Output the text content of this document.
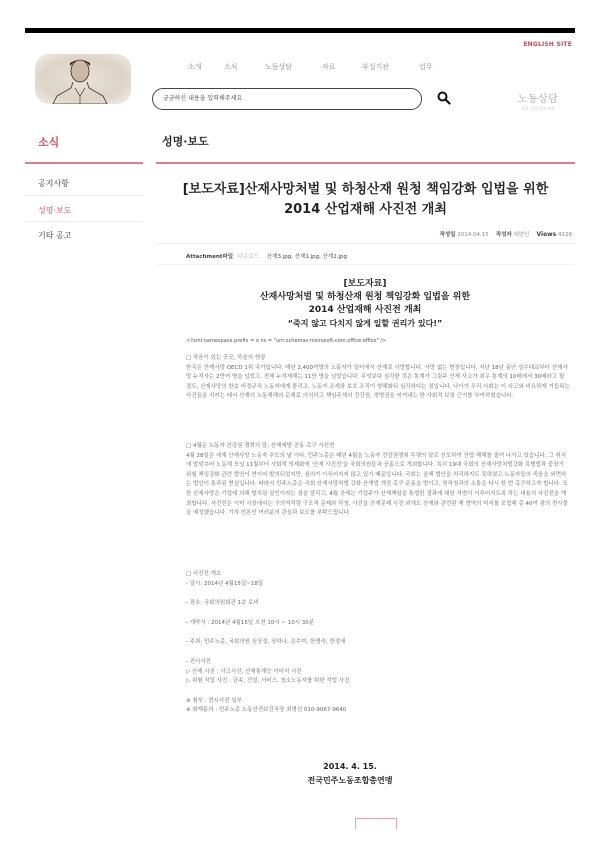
ENGLISH SITE
소개	소식	노동상담	자료	부설기관	업무
궁금하신 내용을 입력해주세요	노동상담
무료 상담 받으세요
소식
공지사항
성명·보도
기타 공고
성명·보도
[보도자료]산재사망처벌 및 하청산재 원청 책임강화 입법을 위한
2014 산업재해 사진전 개최
작성일 2014.04.15 작성자 대변인 Views 4228
Attachment파일 다운로드 산재3.jpg, 산재1.jpg, 산재2.jpg
[보도자료]
산재사망처벌 및 하청산재 원청 책임강화 입법을 위한
2014 산업재해 사진전 개최
“죽지 않고 다치지 않게 일할 권리가 있다!”
<?xml:namespace prefix = o ns = "urn:schemas-microsoft-com:office:office" />

□ 죽음이 있는 곳곳, 죽음의 현장

한국은 산재사망 OECD 1위 국가입니다. 매년 2,400여명의 노동자가 일터에서 산재로 사망합니다. 사망 없는 현장입니다. 지난 18년 동안 성수대교부터 산재사망 누적사는 2만여 명을 넘었고, 전체 누적재해는 11만 명을 넘었습니다. 무엇보다 심각한 것은 통계가 그림주 산재 사고가 최우 통계의 10배에서 30배라고 될 정도, 산재사망의 한층 비정규직 노동자에게 몰리고, 노동자 조세와 보호 조직이 형해화되 심각하다는 점입니다. 나아가 우리 사회는 이 사고와 비유하게 거듭되는 사건들을 지키는 데서 산재의 노동재해의 문제로 의식하고 책임주체의 건강권, 생명권을 지켜내는 한 사회적 보장 근거를 부여하였습니다.

□ 4월은 노동자 건강권 쟁취의 달, 산재예방 공동 촉구 사진전

4월 28일은 세계 산재사망 노동자 추모의 날 이다. 민주노총은 매년 4월을 노동자 건강권쟁취 투쟁의 달로 선포하여 산업 재해를 줄여 나가고 있습니다. 그 취지에 발맞추어 노동계 모임 11월부터 사회적 의제화에 '산재 사진전'을 국회의원들과 공동으로 개최합니다. 특히 19대 국회의 산재사망처벌강화 특별법과 중장기 위험 책임강화 관련 법안이 연이어 발의되었지만, 심의가 이루어지지 않고 있기 때문입니다. 국회는 올해 법안을 처리하지도 못하였고 노동자들의 죽음을 외면하는 법안이 통과된 현실입니다. 따라서 민주노총은 국회 산재사망처벌 강화 산재법 개정 촉구 운동을 벌이고, 원하청과의 소통을 다시 한 번 촉구하고자 합니다. 또한 산재사망은 기업에 의해 방치된 살인이라는 점을 알리고, 4월 곳에는 기업주가 산재책임을 통렬한 결과에 대한 처벌이 이루어지도록 하는 내용의 사진전을 개최합니다. 사진전은 이미 시장에서는 구의역처럼 구조적 문제와 하청, 사진을 산재문제 사진 외에도 산재와 관련된 제 영역의 미지를 모집해 총 40여 점의 전시물을 예정했습니다. 기자·언론인 여러분의 관심과 보도를 부탁드립니다.

□ 사진전 개요

- 일시: 2014년 4월15일~18일

- 장소: 국회의원회관 1층 로비

- 개막식 : 2014년 4월15일 오전 10시 ~ 10시 30분

- 주최: 민주노총, 국회의원 심상정, 장하나, 은수미, 한명숙, 한정애

- 전시사진

▷ 산재 사진 : 사고사진, 산재통계등 이미지 사진

▷ 위험 작업 사진 : 금속, 건설, 서비스, 청소노동자를 위한 작업 사진

※ 첨부 : 전시사진 일부

※ 취재문의 : 민주노총 노동안전보건국장 최명선 010-9067-9640

2014. 4. 15.
전국민주노동조합총연맹
